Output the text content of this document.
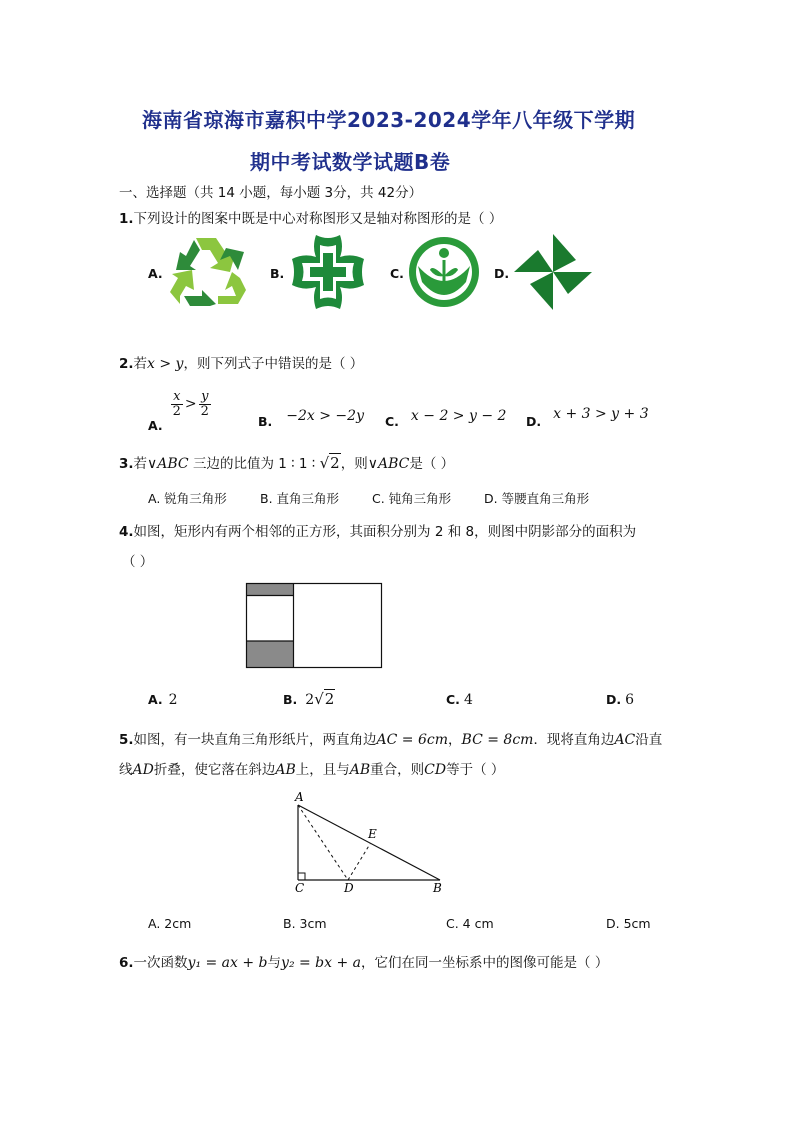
海南省琼海市嘉积中学2023-2024学年八年级下学期
期中考试数学试题B卷
一、选择题（共 14 小题，每小题 3分，共 42分）
1.下列设计的图案中既是中心对称图形又是轴对称图形的是（ ）
A.	B.	C.	D.
2.若x > y，则下列式子中错误的是（ ）
A.
$\frac{x}{2} > \frac{y}{2}$
B. −2x > −2y C. x − 2 > y − 2 D. x + 3 > y + 3
3.若∨ABC 三边的比值为 1 ∶ 1 ∶ √2，则∨ABC是（ ）
A. 锐角三角形	B. 直角三角形	C. 钝角三角形	D. 等腰直角三角形
4.如图，矩形内有两个相邻的正方形，其面积分别为 2 和 8，则图中阴影部分的面积为
（ ）
A. 2	B. 2√2	C. 4	D. 6
5.如图，有一块直角三角形纸片，两直角边AC = 6cm，BC = 8cm．现将直角边AC沿直
线AD折叠，使它落在斜边AB上，且与AB重合，则CD等于（ ）
A
C	D	B
E
A. 2cm	B. 3cm	C. 4 cm	D. 5cm
6.一次函数y₁ = ax + b与y₂ = bx + a，它们在同一坐标系中的图像可能是（ ）
